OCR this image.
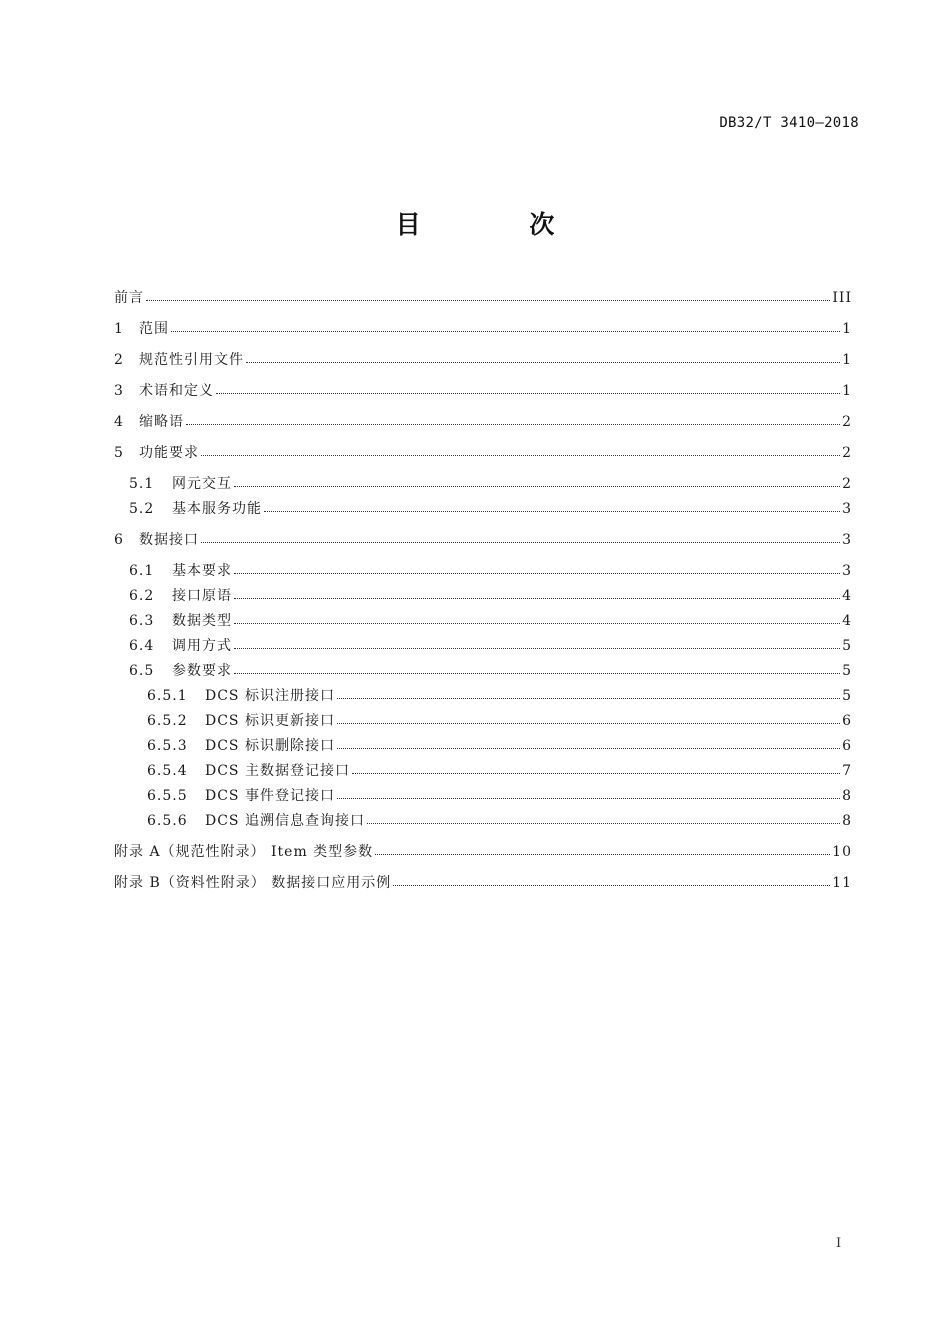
DB32/T 3410—2018
目 次
前言	III
1	范围	1
2	规范性引用文件	1
3	术语和定义	1
4	缩略语	2
5	功能要求	2
5.1	网元交互	2
5.2	基本服务功能	3
6	数据接口	3
6.1	基本要求	3
6.2	接口原语	4
6.3	数据类型	4
6.4	调用方式	5
6.5	参数要求	5
6.5.1	DCS 标识注册接口	5
6.5.2	DCS 标识更新接口	6
6.5.3	DCS 标识删除接口	6
6.5.4	DCS 主数据登记接口	7
6.5.5	DCS 事件登记接口	8
6.5.6	DCS 追溯信息查询接口	8
附录 A（规范性附录） Item 类型参数	10
附录 B（资料性附录） 数据接口应用示例	11
I
